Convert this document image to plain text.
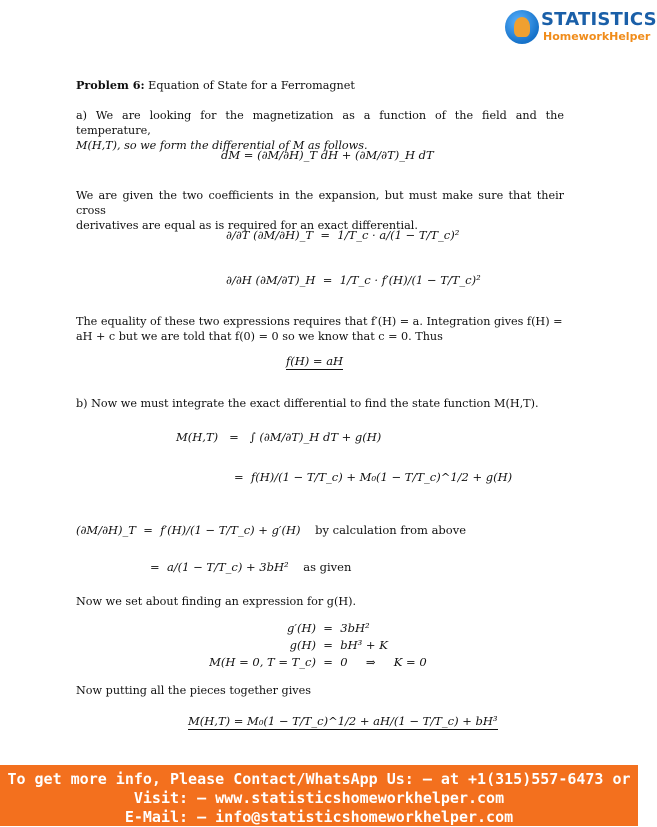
STATISTICS
HomeworkHelper
Problem 6: Equation of State for a Ferromagnet

a) We are looking for the magnetization as a function of the field and the temperature,

M(H,T), so we form the differential of M as follows.

dM = (∂M/∂H)_T dH + (∂M/∂T)_H dT

We are given the two coefficients in the expansion, but must make sure that their cross

derivatives are equal as is required for an exact differential.

∂/∂T (∂M/∂H)_T  =  1/T_c · a/(1 − T/T_c)²
∂/∂H (∂M/∂T)_H  =  1/T_c · f′(H)/(1 − T/T_c)²

The equality of these two expressions requires that f′(H) = a. Integration gives f(H) =

aH + c but we are told that f(0) = 0 so we know that c = 0. Thus

f(H) = aH

b) Now we must integrate the exact differential to find the state function M(H,T).

M(H,T) = ∫ (∂M/∂T)_H dT + g(H)
=  f(H)/(1 − T/T_c) + M₀(1 − T/T_c)^1/2 + g(H)
(∂M/∂H)_T  =  f′(H)/(1 − T/T_c) + g′(H) by calculation from above
=  a/(1 − T/T_c) + 3bH² as given

Now we set about finding an expression for g(H).

g′(H)  =  3bH²
g(H)  =  bH³ + K
M(H = 0, T = T_c)  =  0 ⇒ K = 0

Now putting all the pieces together gives

M(H,T) = M₀(1 − T/T_c)^1/2 + aH/(1 − T/T_c) + bH³
To get more info, Please Contact/WhatsApp Us: – at +1(315)557-6473 or
Visit: – www.statisticshomeworkhelper.com
E-Mail: – info@statisticshomeworkhelper.com
